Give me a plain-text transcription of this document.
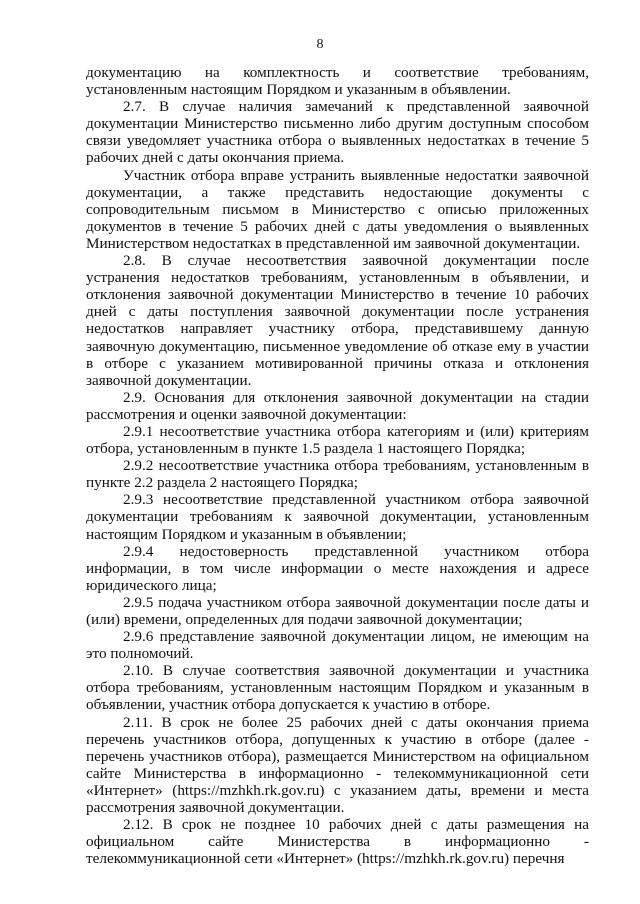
8

документацию на комплектность и соответствие требованиям, установленным настоящим Порядком и указанным в объявлении.

2.7. В случае наличия замечаний к представленной заявочной документации Министерство письменно либо другим доступным способом связи уведомляет участника отбора о выявленных недостатках в течение 5 рабочих дней с даты окончания приема.

Участник отбора вправе устранить выявленные недостатки заявочной документации, а также представить недостающие документы с сопроводительным письмом в Министерство с описью приложенных документов в течение 5 рабочих дней с даты уведомления о выявленных Министерством недостатках в представленной им заявочной документации.

2.8. В случае несоответствия заявочной документации после устранения недостатков требованиям, установленным в объявлении, и отклонения заявочной документации Министерство в течение 10 рабочих дней с даты поступления заявочной документации после устранения недостатков направляет участнику отбора, представившему данную заявочную документацию, письменное уведомление об отказе ему в участии в отборе с указанием мотивированной причины отказа и отклонения заявочной документации.

2.9. Основания для отклонения заявочной документации на стадии рассмотрения и оценки заявочной документации:

2.9.1 несоответствие участника отбора категориям и (или) критериям отбора, установленным в пункте 1.5 раздела 1 настоящего Порядка;

2.9.2 несоответствие участника отбора требованиям, установленным в пункте 2.2 раздела 2 настоящего Порядка;

2.9.3 несоответствие представленной участником отбора заявочной документации требованиям к заявочной документации, установленным настоящим Порядком и указанным в объявлении;

2.9.4 недостоверность представленной участником отбора информации, в том числе информации о месте нахождения и адресе юридического лица;

2.9.5 подача участником отбора заявочной документации после даты и (или) времени, определенных для подачи заявочной документации;

2.9.6 представление заявочной документации лицом, не имеющим на это полномочий.

2.10. В случае соответствия заявочной документации и участника отбора требованиям, установленным настоящим Порядком и указанным в объявлении, участник отбора допускается к участию в отборе.

2.11. В срок не более 25 рабочих дней с даты окончания приема перечень участников отбора, допущенных к участию в отборе (далее - перечень участников отбора), размещается Министерством на официальном сайте Министерства в информационно - телекоммуникационной сети «Интернет» (https://mzhkh.rk.gov.ru) с указанием даты, времени и места рассмотрения заявочной документации.

2.12. В срок не позднее 10 рабочих дней с даты размещения на официальном сайте Министерства в информационно - телекоммуникационной сети «Интернет» (https://mzhkh.rk.gov.ru) перечня
